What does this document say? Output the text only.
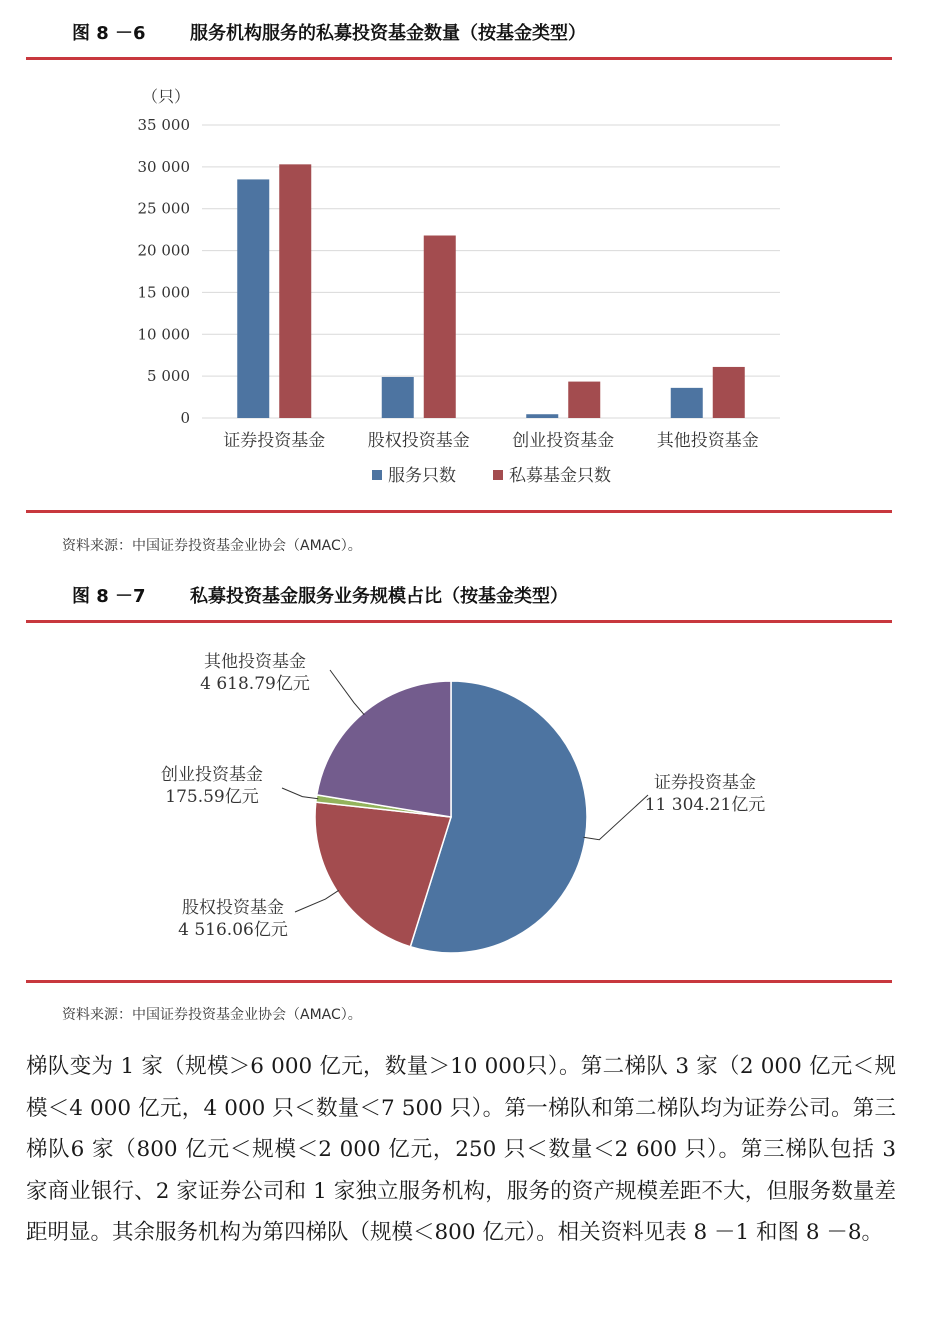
图 8 －6 服务机构服务的私募投资基金数量（按基金类型）
（只）
0
5 000
10 000
15 000
20 000
25 000
30 000
35 000
证券投资基金	股权投资基金	创业投资基金	其他投资基金
服务只数	私募基金只数
资料来源：中国证券投资基金业协会（AMAC）。
图 8 －7 私募投资基金服务业务规模占比（按基金类型）
证券投资基金
11 304.21亿元
股权投资基金
4 516.06亿元
创业投资基金
175.59亿元
其他投资基金
4 618.79亿元
资料来源：中国证券投资基金业协会（AMAC）。
梯队变为 1 家（规模＞6 000 亿元，数量＞10 000只）。第二梯队 3 家（2 000 亿元＜规模＜4 000 亿元，4 000 只＜数量＜7 500 只）。第一梯队和第二梯队均为证券公司。第三梯队6 家（800 亿元＜规模＜2 000 亿元，250 只＜数量＜2 600 只）。第三梯队包括 3 家商业银行、2 家证券公司和 1 家独立服务机构，服务的资产规模差距不大，但服务数量差距明显。其余服务机构为第四梯队（规模＜800 亿元）。相关资料见表 8 －1 和图 8 －8。
